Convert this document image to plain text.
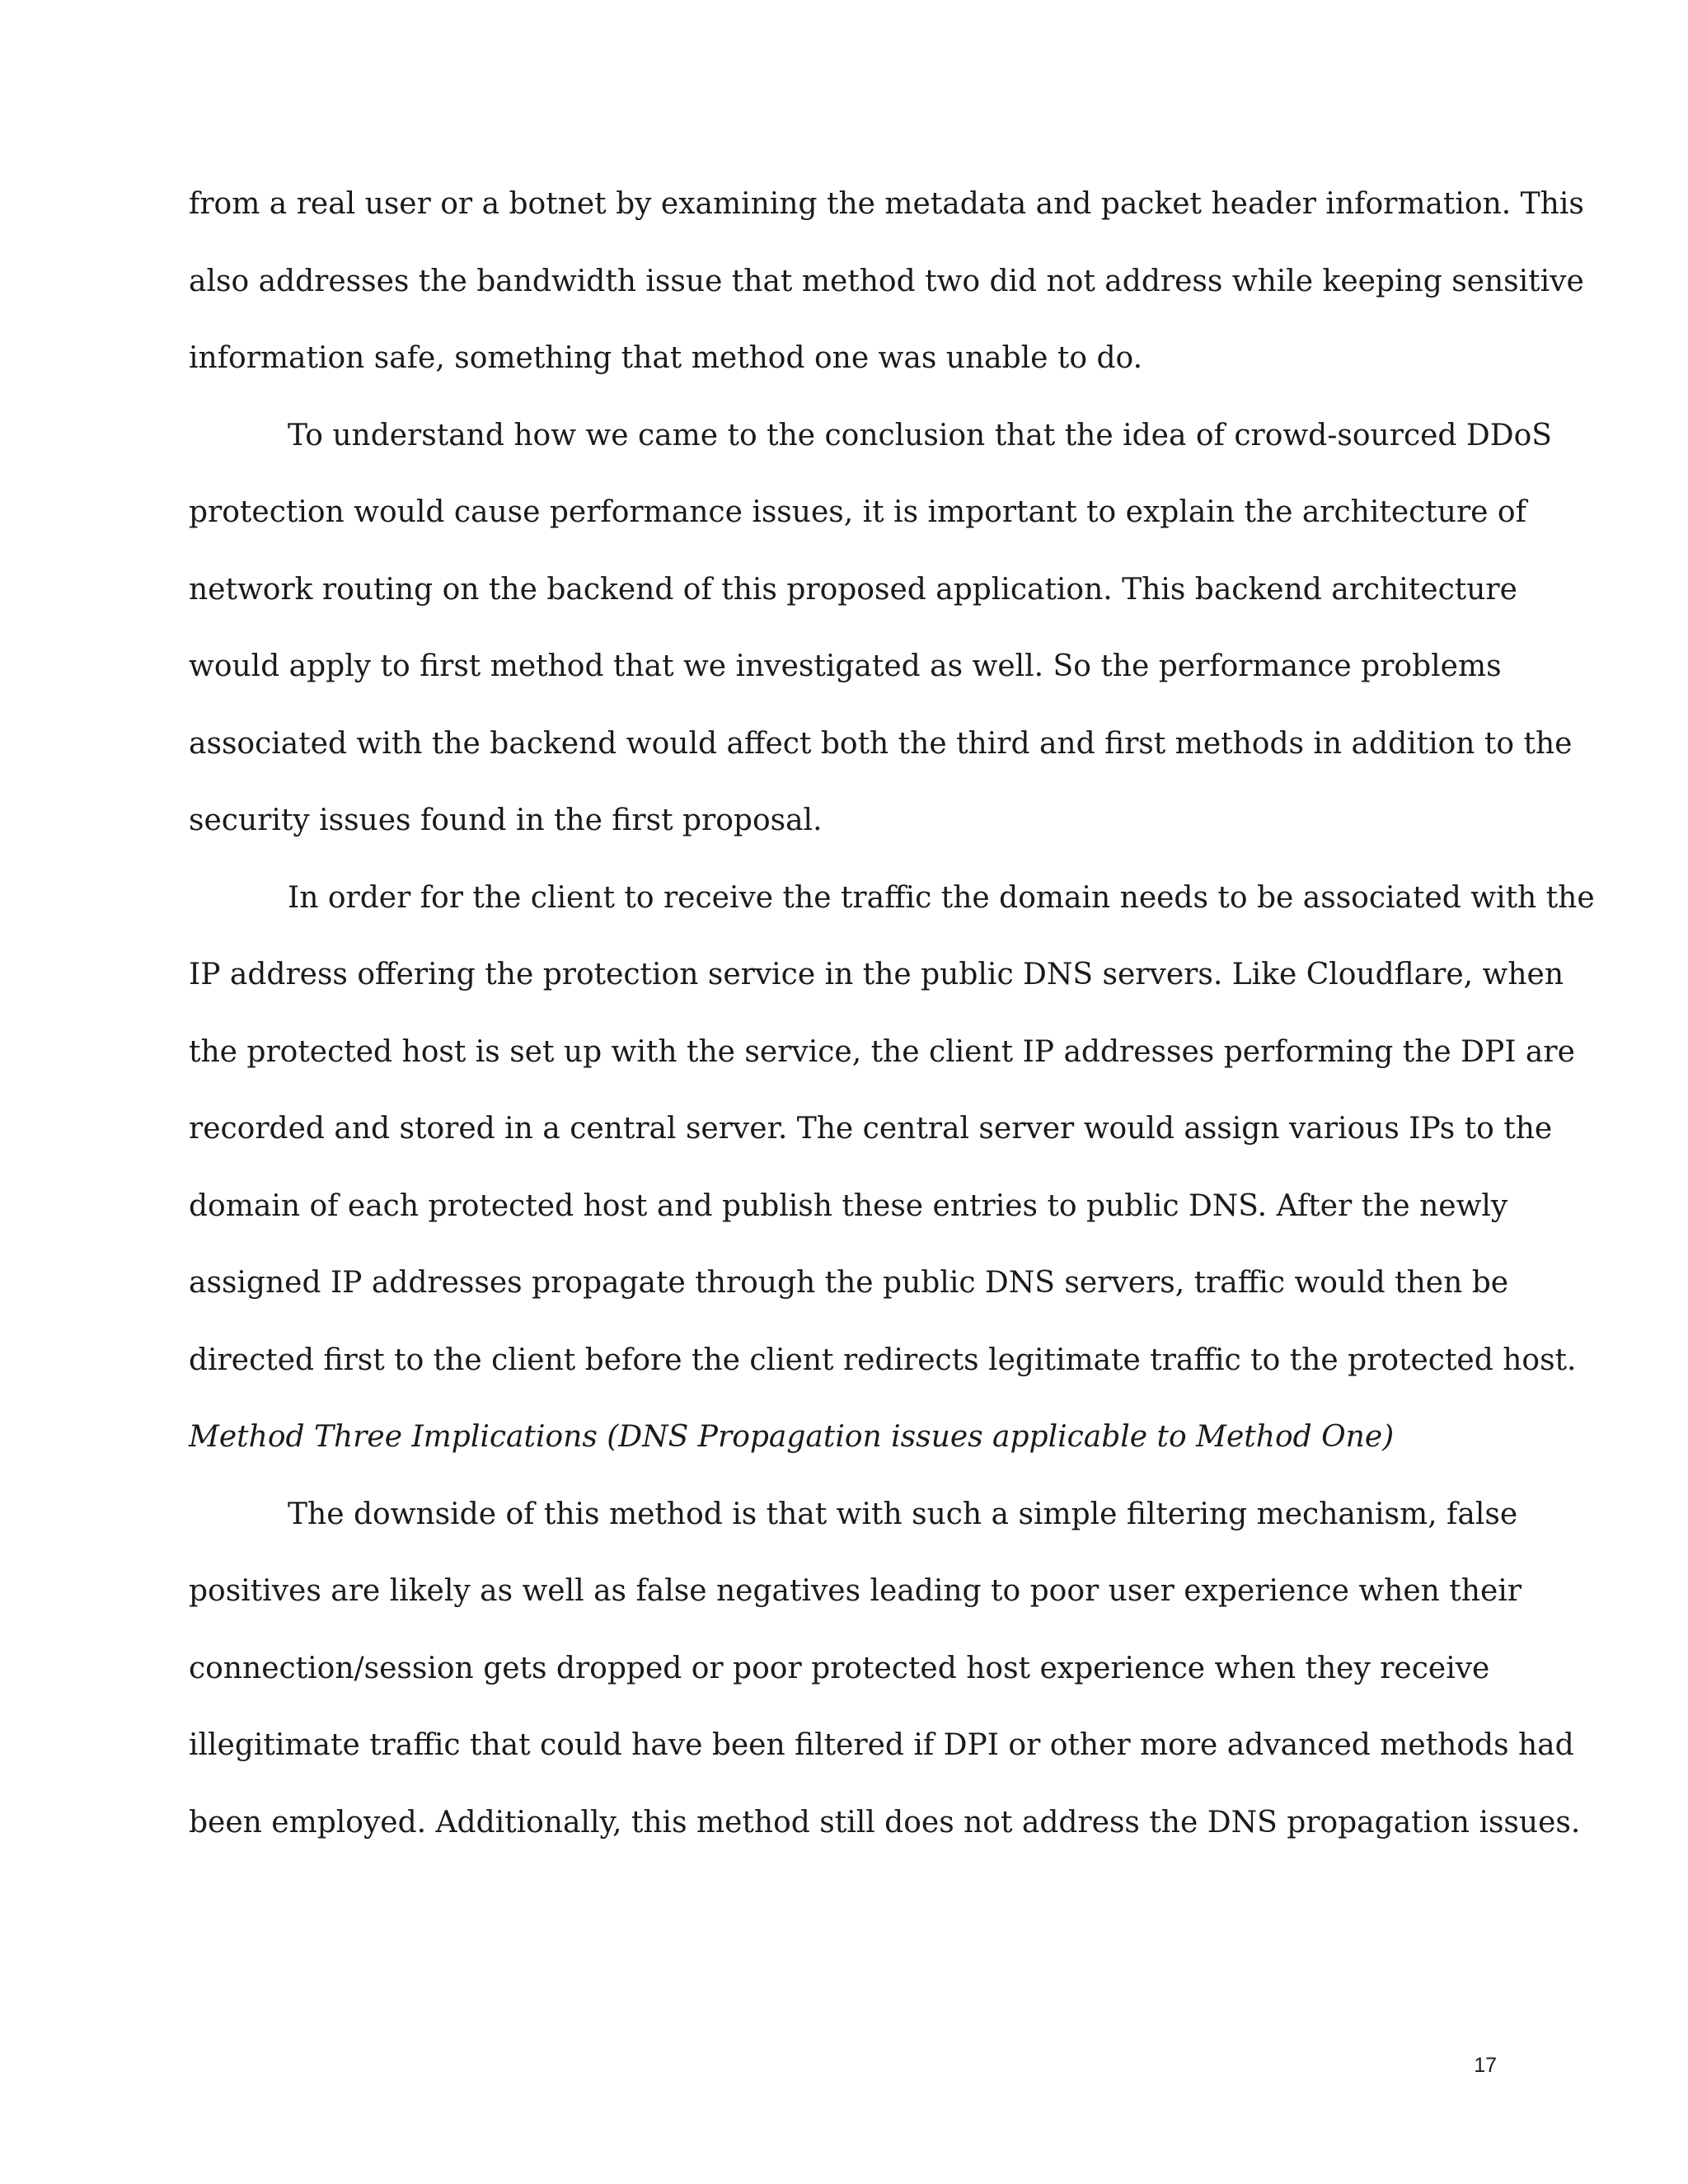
from a real user or a botnet by examining the metadata and packet header information. This
also addresses the bandwidth issue that method two did not address while keeping sensitive
information safe, something that method one was unable to do.
To understand how we came to the conclusion that the idea of crowd-sourced DDoS
protection would cause performance issues, it is important to explain the architecture of
network routing on the backend of this proposed application. This backend architecture
would apply to first method that we investigated as well. So the performance problems
associated with the backend would affect both the third and first methods in addition to the
security issues found in the first proposal.
In order for the client to receive the traffic the domain needs to be associated with the
IP address offering the protection service in the public DNS servers. Like Cloudflare, when
the protected host is set up with the service, the client IP addresses performing the DPI are
recorded and stored in a central server. The central server would assign various IPs to the
domain of each protected host and publish these entries to public DNS. After the newly
assigned IP addresses propagate through the public DNS servers, traffic would then be
directed first to the client before the client redirects legitimate traffic to the protected host.
Method Three Implications (DNS Propagation issues applicable to Method One)
The downside of this method is that with such a simple filtering mechanism, false
positives are likely as well as false negatives leading to poor user experience when their
connection/session gets dropped or poor protected host experience when they receive
illegitimate traffic that could have been filtered if DPI or other more advanced methods had
been employed. Additionally, this method still does not address the DNS propagation issues.
17
